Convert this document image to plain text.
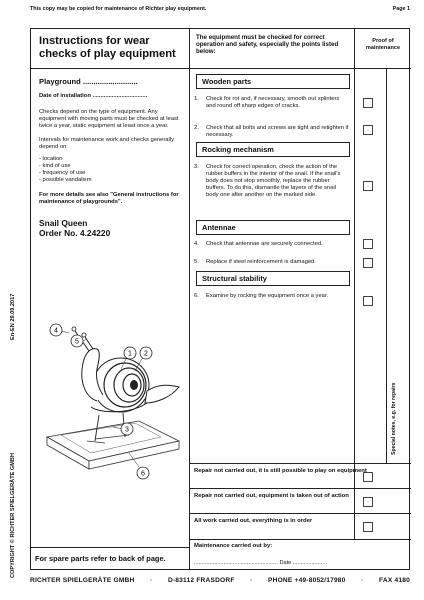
This copy may be copied for maintenance of Richter play equipment.	Page 1
En-EN 29.09.2017
COPYRIGHT © RICHTER SPIELGERÄTE GMBH
Instructions for wear checks of play equipment
Playground ..........................
Date of installation ..................................
Checks depend on the type of equipment. Any equipment with moving parts must be checked at least twice a year, static equipment at least once a year.
Intervals for maintenance work and checks generally depend on
- location
- kind of use
- frequency of use
- possible vandalism
For more details see also "General instructions for maintenance of playgrounds".
Snail Queen
Order No. 4.24220
4
5
1 2
3
6
For spare parts refer to back of page.
The equipment must be checked for correct operation and safety, especially the points listed below:
Proof of maintenance
Special notes, e.g. for repairs
Wooden parts
1. Check for rot and, if necessary, smooth out splinters and round off sharp edges of cracks.
2. Check that all bolts and screws are tight and retighten if necessary.
Rocking mechanism
3. Check for correct operation, check the action of the rubber buffers in the interior of the snail. If the snail's body does not stop smoothly, replace the rubber buffers. To do this, dismantle the layers of the snail body one after another on the marked side.
Antennae
4. Check that antennae are securely connected.
5. Replace if steel reinforcement is damaged.
Structural stability
6. Examine by rocking the equipment once a year.
Repair not carried out, it is still possible to play on equipment
Repair not carried out, equipment is taken out of action
All work carried out, everything is in order
Maintenance carried out by:
...................................................... Date ......................
RICHTER SPIELGERÄTE GMBH · D-83112 FRASDORF · PHONE +49-8052/17980 · FAX 4180
